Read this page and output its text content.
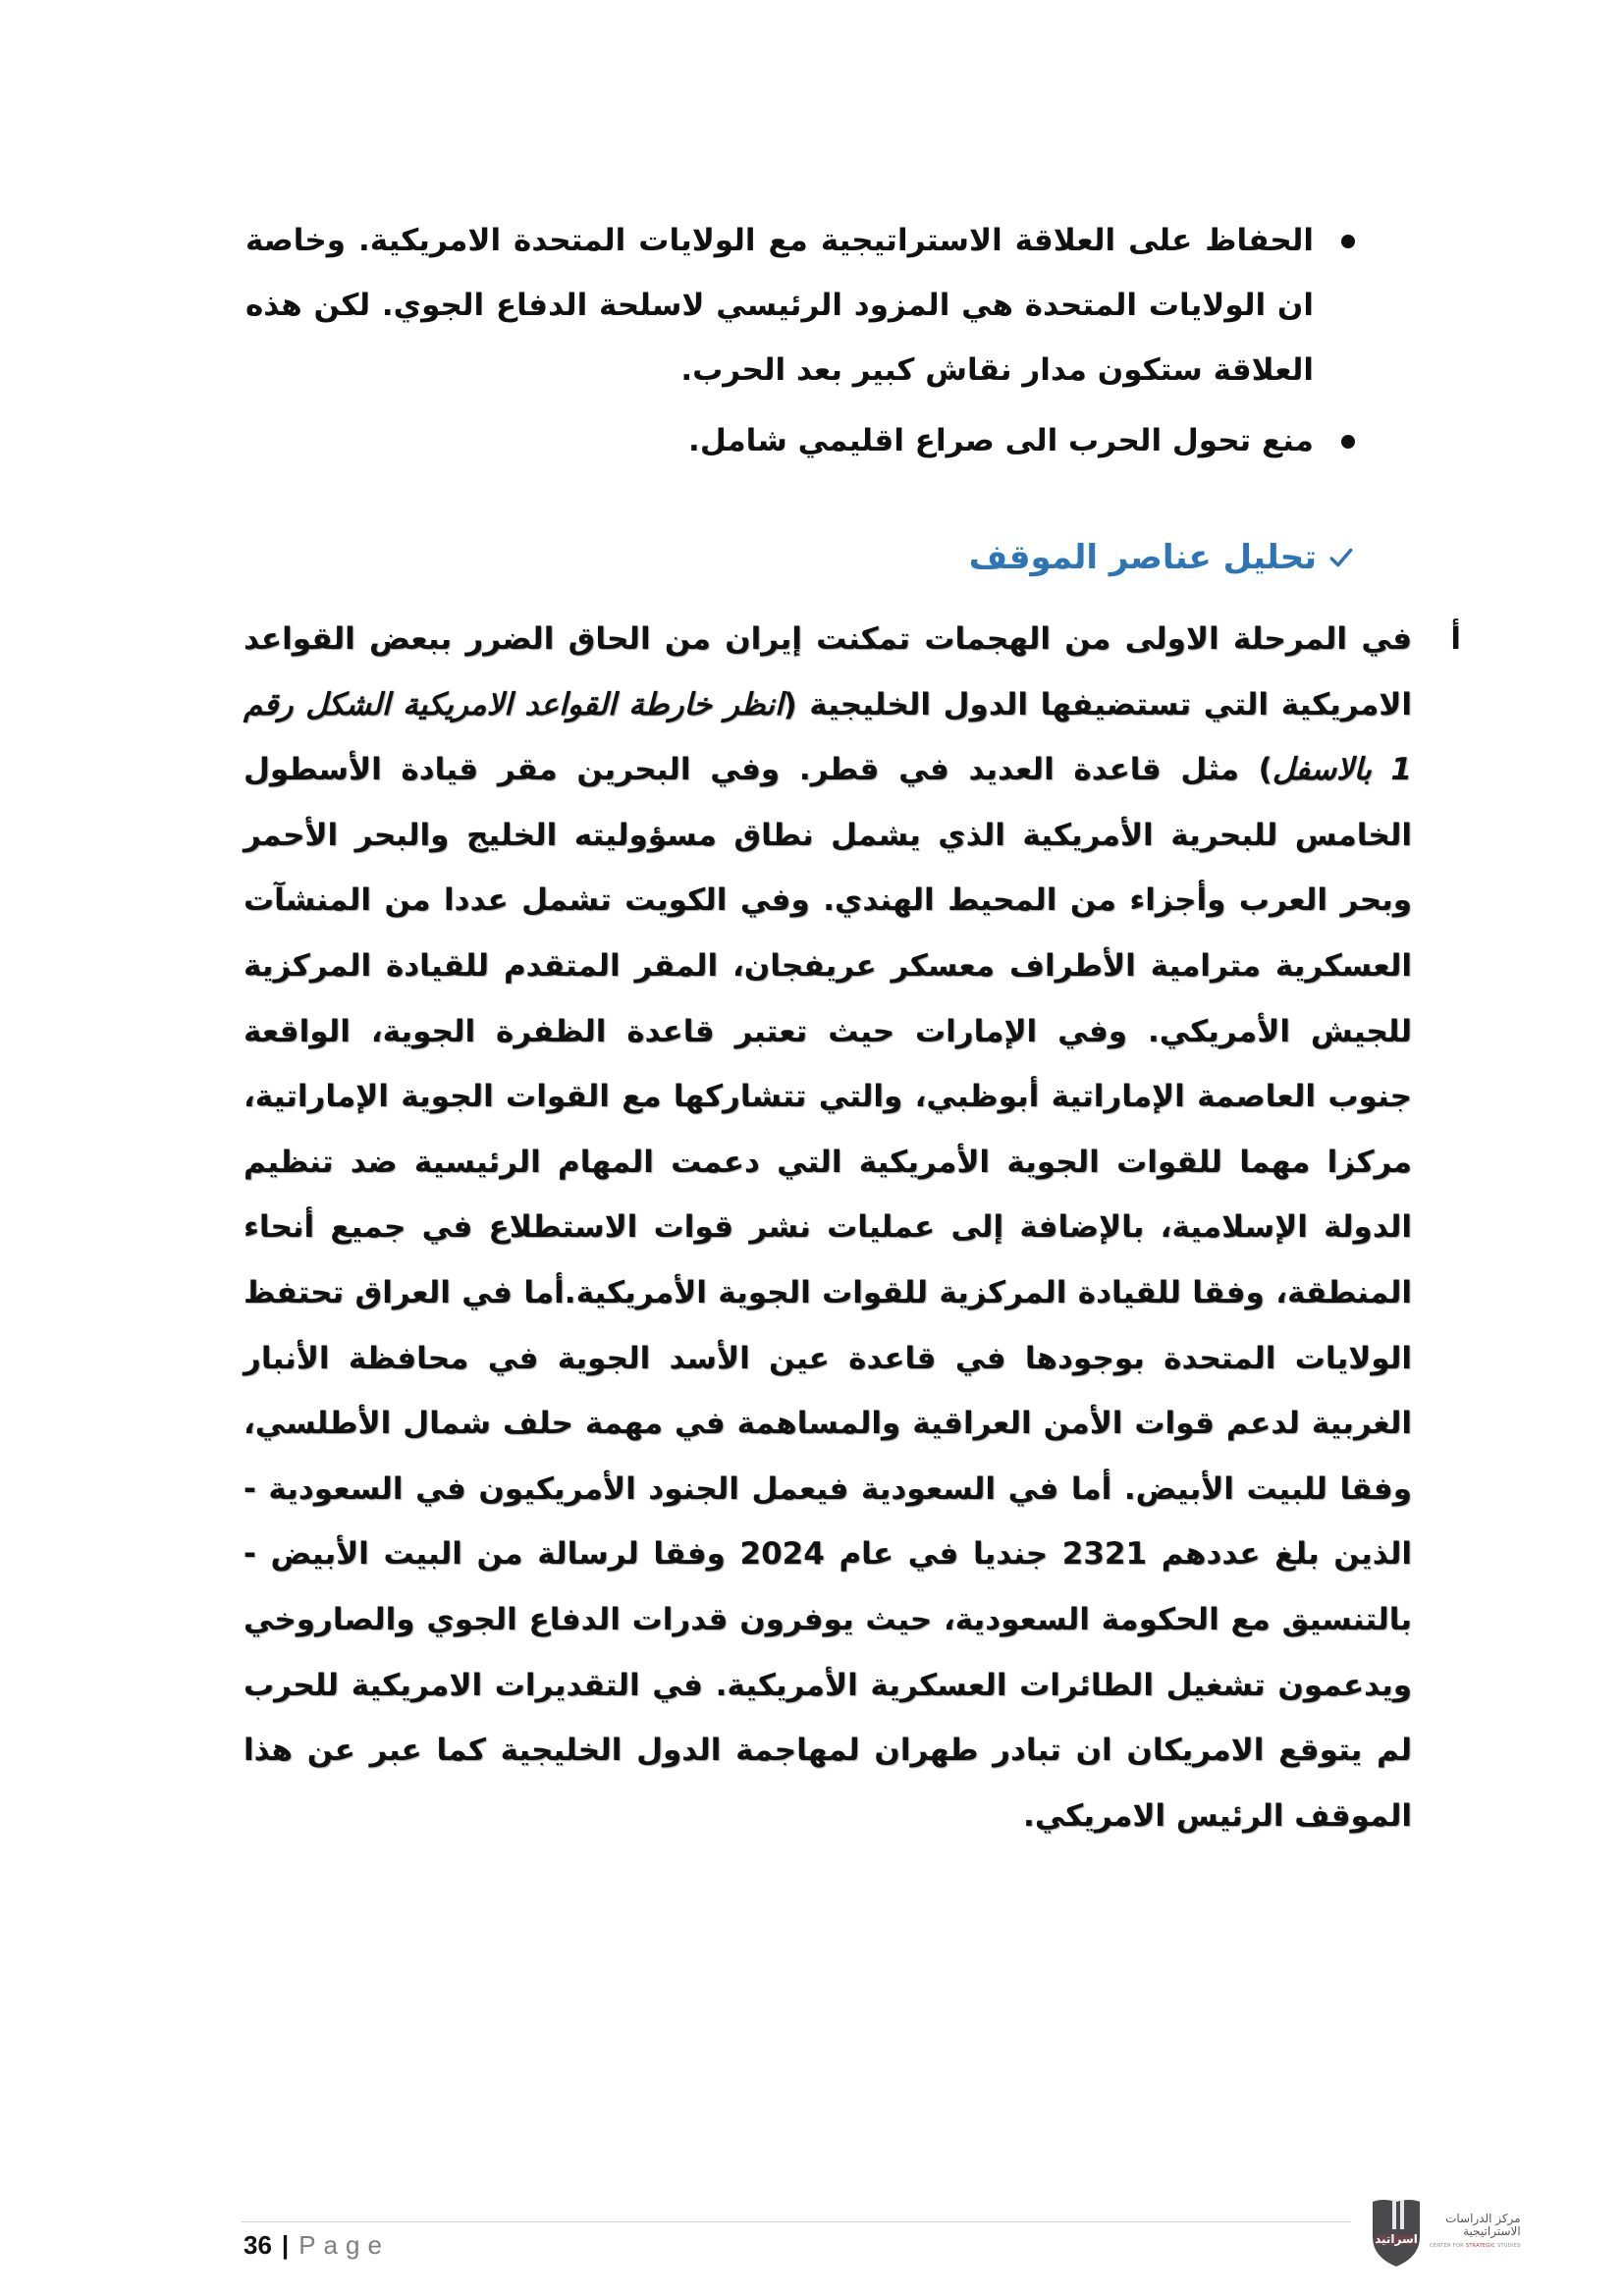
الحفاظ على العلاقة الاستراتيجية مع الولايات المتحدة الامريكية. وخاصة ان الولايات المتحدة هي المزود الرئيسي لاسلحة الدفاع الجوي. لكن هذه العلاقة ستكون مدار نقاش كبير بعد الحرب.
منع تحول الحرب الى صراع اقليمي شامل.
تحليل عناصر الموقف
أ

في المرحلة الاولى من الهجمات تمكنت إيران من الحاق الضرر ببعض القواعد الامريكية التي تستضيفها الدول الخليجية (انظر خارطة القواعد الامريكية الشكل رقم 1 بالاسفل) مثل قاعدة العديد في قطر. وفي البحرين مقر قيادة الأسطول الخامس للبحرية الأمريكية الذي يشمل نطاق مسؤوليته الخليج والبحر الأحمر وبحر العرب وأجزاء من المحيط الهندي. وفي الكويت تشمل عددا من المنشآت العسكرية مترامية الأطراف معسكر عريفجان، المقر المتقدم للقيادة المركزية للجيش الأمريكي. وفي الإمارات حيث تعتبر قاعدة الظفرة الجوية، الواقعة جنوب العاصمة الإماراتية أبوظبي، والتي تتشاركها مع القوات الجوية الإماراتية، مركزا مهما للقوات الجوية الأمريكية التي دعمت المهام الرئيسية ضد تنظيم الدولة الإسلامية، بالإضافة إلى عمليات نشر قوات الاستطلاع في جميع أنحاء المنطقة، وفقا للقيادة المركزية للقوات الجوية الأمريكية.أما في العراق تحتفظ الولايات المتحدة بوجودها في قاعدة عين الأسد الجوية في محافظة الأنبار الغربية لدعم قوات الأمن العراقية والمساهمة في مهمة حلف شمال الأطلسي، وفقا للبيت الأبيض. أما في السعودية فيعمل الجنود الأمريكيون في السعودية - الذين بلغ عددهم 2321 جنديا في عام 2024 وفقا لرسالة من البيت الأبيض - بالتنسيق مع الحكومة السعودية، حيث يوفرون قدرات الدفاع الجوي والصاروخي ويدعمون تشغيل الطائرات العسكرية الأمريكية. في التقديرات الامريكية للحرب لم يتوقع الامريكان ان تبادر طهران لمهاجمة الدول الخليجية كما عبر عن هذا الموقف الرئيس الامريكي.

36 | Page	اسراتيد
مركز الدراسات
الاستراتيجية
CENTER FOR STRATEGIC STUDIES
